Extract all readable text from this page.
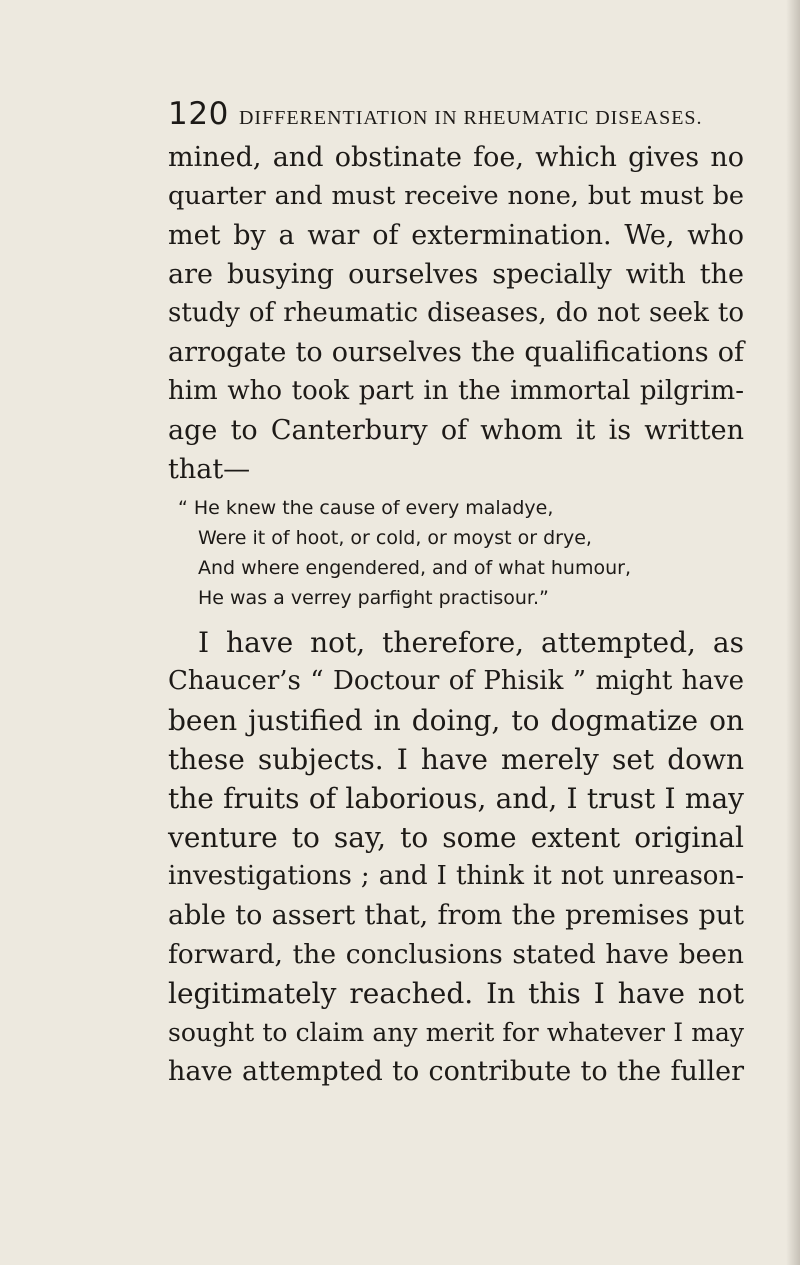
120 DIFFERENTIATION IN RHEUMATIC DISEASES.
mined, and obstinate foe, which gives no
quarter and must receive none, but must be
met by a war of extermination. We, who
are busying ourselves specially with the
study of rheumatic diseases, do not seek to
arrogate to ourselves the qualifications of
him who took part in the immortal pilgrim-
age to Canterbury of whom it is written
that—
“ He knew the cause of every maladye,
Were it of hoot, or cold, or moyst or drye,
And where engendered, and of what humour,
He was a verrey parfight practisour.”
I have not, therefore, attempted, as
Chaucer’s “ Doctour of Phisik ” might have
been justified in doing, to dogmatize on
these subjects. I have merely set down
the fruits of laborious, and, I trust I may
venture to say, to some extent original
investigations ; and I think it not unreason-
able to assert that, from the premises put
forward, the conclusions stated have been
legitimately reached. In this I have not
sought to claim any merit for whatever I may
have attempted to contribute to the fuller
